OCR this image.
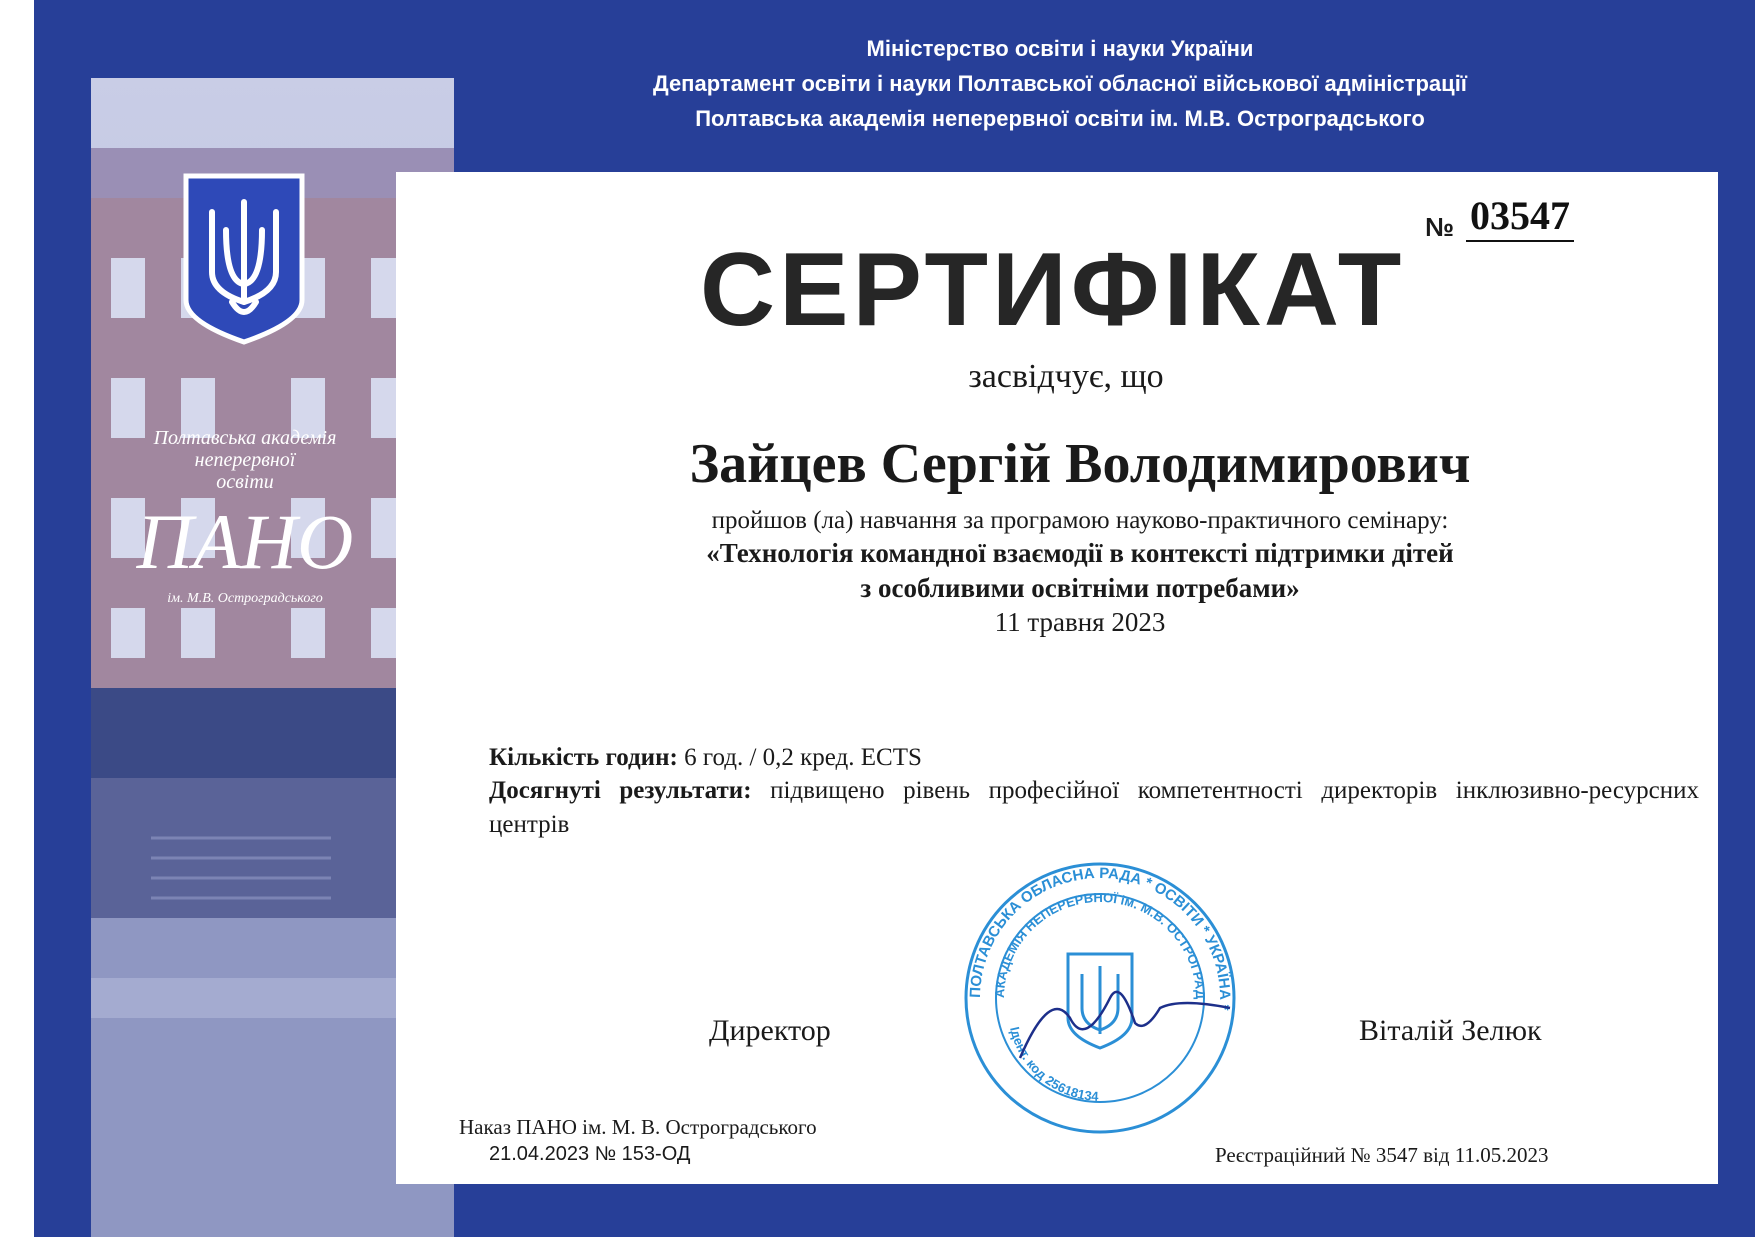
Міністерство освіти і науки України
Департамент освіти і науки Полтавської обласної військової адміністрації
Полтавська академія неперервної освіти ім. М.В. Остроградського
Полтавська академія
неперервної
освіти
ПАНО
ім. М.В. Остроградського
№ 03547
СЕРТИФІКАТ
засвідчує, що
Зайцев Сергій Володимирович
пройшов (ла) навчання за програмою науково-практичного семінару:
«Технологія командної взаємодії в контексті підтримки дітей
з особливими освітніми потребами»
11 травня 2023
Кількість годин: 6 год. / 0,2 кред. ECTS
Досягнуті результати: підвищено рівень професійної компетентності директорів інклюзивно-ресурсних центрів
Директор	Віталій Зелюк
ПОЛТАВСЬКА ОБЛАСНА РАДА * ОСВІТИ * УКРАЇНА *
АКАДЕМІЯ НЕПЕРЕРВНОЇ ім. М.В. ОСТРОГРАД
Ідент. код 25618134
Наказ ПАНО ім. М. В. Остроградського
21.04.2023 № 153-ОД	Реєстраційний № 3547 від 11.05.2023
